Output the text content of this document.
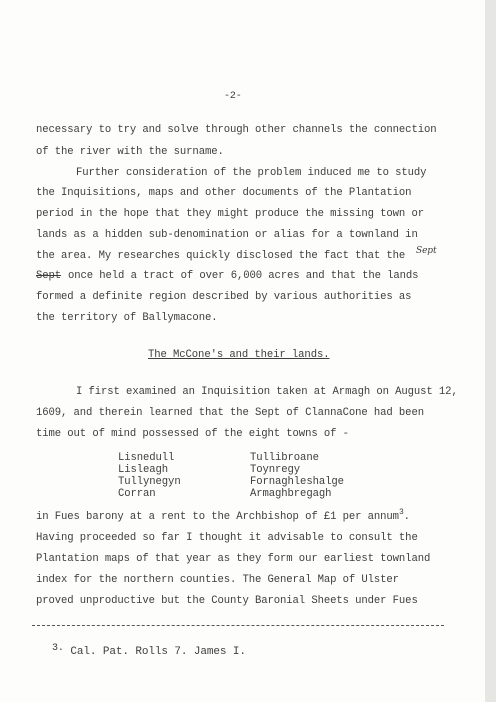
-2-
necessary to try and solve through other channels the connection
of the river with the surname.
Further consideration of the problem induced me to study
the Inquisitions, maps and other documents of the Plantation
period in the hope that they might produce the missing town or
lands as a hidden sub-denomination or alias for a townland in
the area. My researches quickly disclosed the fact that the Sept
Sept once held a tract of over 6,000 acres and that the lands
formed a definite region described by various authorities as
the territory of Ballymacone.
The McCone's and their lands.
I first examined an Inquisition taken at Armagh on August 12,
1609, and therein learned that the Sept of ClannaCone had been
time out of mind possessed of the eight towns of -
Lisnedull
Lisleagh
Tullynegyn
Corran
Tullibroane
Toynregy
Fornaghleshalge
Armaghbregagh
in Fues barony at a rent to the Archbishop of £1 per annum$^3$.
Having proceeded so far I thought it advisable to consult the
Plantation maps of that year as they form our earliest townland
index for the northern counties. The General Map of Ulster
proved unproductive but the County Baronial Sheets under Fues
3. Cal. Pat. Rolls 7. James I.
